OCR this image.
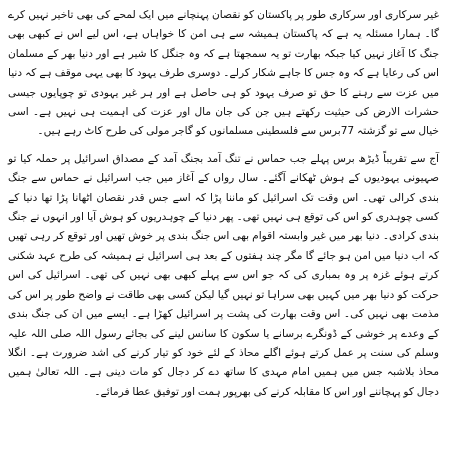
غیر سرکاری اور سرکاری طور پر پاکستان کو نقصان پہنچانے میں ایک لمحے کی بھی تاخیر نہیں کرے گا۔ ہمارا مسئلہ یہ ہے کہ پاکستان ہمیشہ سے ہی امن کا خواہاں ہے، اس لیے اس نے کبھی بھی جنگ کا آغاز نہیں کیا جبکہ بھارت تو یہ سمجھتا ہے کہ وہ جنگل کا شیر ہے اور دنیا بھر کے مسلمان اس کی رعایا ہے کہ وہ جس کا جاہے شکار کرلے۔ دوسری طرف یہود کا بھی یہی موقف ہے کہ دنیا میں عزت سے رہنے کا حق تو صرف یہود کو ہی حاصل ہے اور ہر غیر یہودی تو چوپایوں جیسی حشرات الارض کی حیثیت رکھتے ہیں جن کی جان مال اور عزت کی اہمیت ہی نہیں ہے۔ اسی خیال سے تو گزشتہ 77برس سے فلسطینی مسلمانوں کو گاجر مولی کی طرح کاٹ رہے ہیں۔

آج سے تقریباً ڈیڑھ برس پہلے جب حماس نے تنگ آمد بجنگ آمد کے مصداق اسرائیل پر حملہ کیا تو صہیونی یہودیوں کے ہوش ٹھکانے آگئے۔ سال رواں کے آغاز میں جب اسرائیل نے حماس سے جنگ بندی کرالی تھی۔ اس وقت تک اسرائیل کو ماننا پڑا کہ اسے جس قدر نقصان اٹھانا پڑا تھا دنیا کے کسی چوہدری کو اس کی توقع ہی نہیں تھی۔ پھر دنیا کے چوہدریوں کو ہوش آیا اور انہوں نے جنگ بندی کرادی۔ دنیا بھر میں غیر وابستہ اقوام بھی اس جنگ بندی پر خوش تھیں اور توقع کر رہی تھیں کہ اب دنیا میں امن ہو جائے گا مگر چند ہفتوں کے بعد ہی اسرائیل نے ہمیشہ کی طرح عہد شکنی کرتے ہوئے غزہ پر وہ بمباری کی کہ جو اس سے پہلے کبھی بھی نہیں کی تھی۔ اسرائیل کی اس حرکت کو دنیا بھر میں کہیں بھی سراہا تو نہیں گیا لیکن کسی بھی طاقت نے واضح طور پر اس کی مذمت بھی نہیں کی۔ اس وقت بھارت کی پشت پر اسرائیل کھڑا ہے۔ ایسے میں ان کی جنگ بندی کے وعدے پر خوشی کے ڈونگرے برسانے یا سکون کا سانس لینے کی بجائے رسول اللہ صلی اللہ علیہ وسلم کی سنت پر عمل کرتے ہوئے اگلے محاذ کے لئے خود کو تیار کرنے کی اشد ضرورت ہے۔ انگلا محاذ بلاشبہ جس میں ہمیں امام مہدی کا ساتھ دے کر دجال کو مات دینی ہے۔ اللہ تعالیٰ ہمیں دجال کو پہچاننے اور اس کا مقابلہ کرنے کی بھرپور ہمت اور توفیق عطا فرمائے۔
